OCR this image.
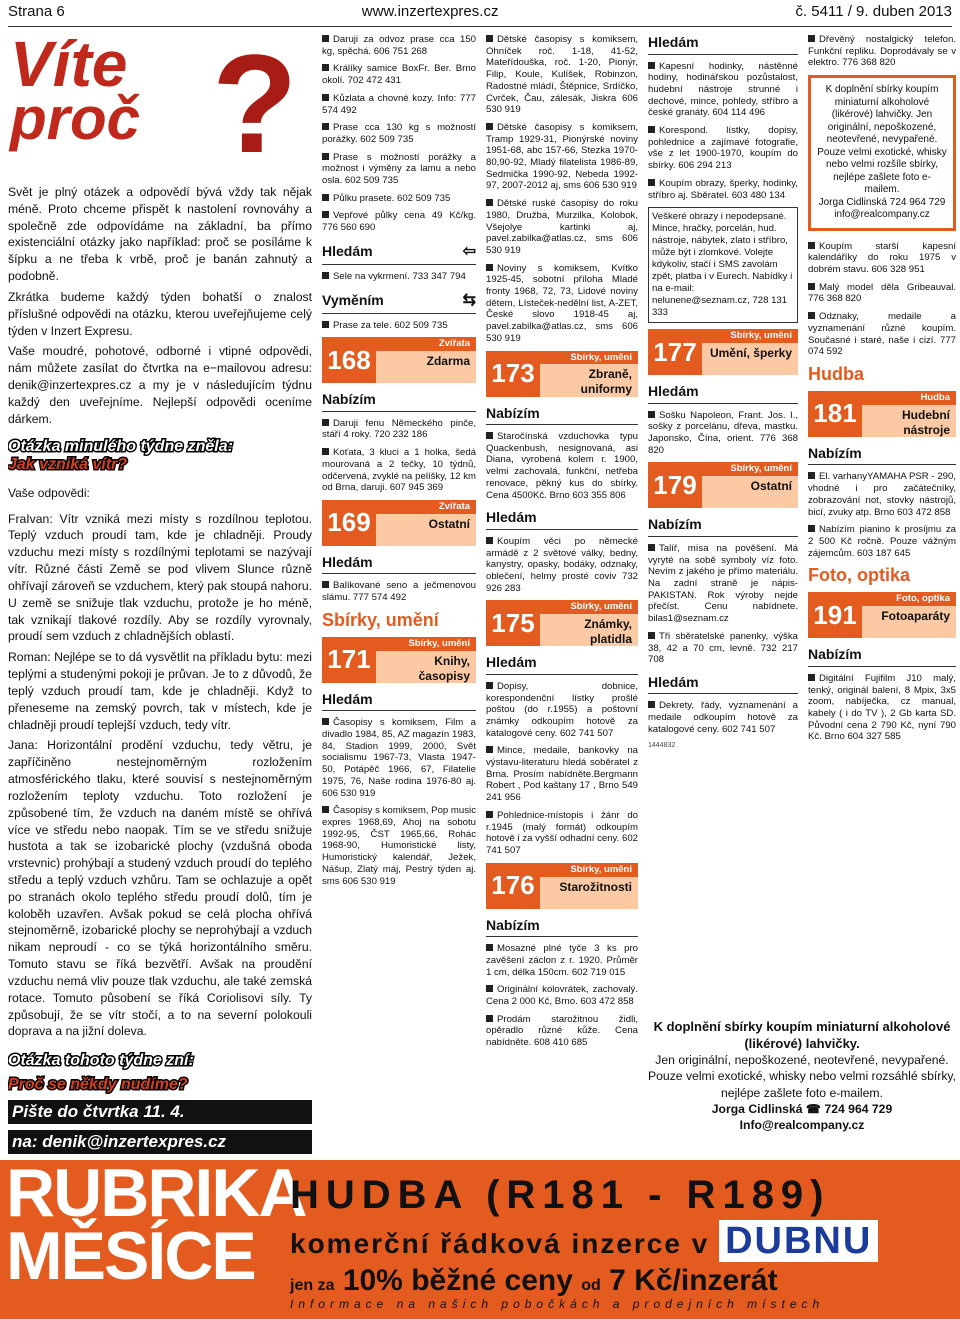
Strana 6	www.inzertexpres.cz	č. 5411 / 9. duben 2013
Víte
proč ?

Svět je plný otázek a odpovědí bývá vždy tak nějak méně. Proto chceme přispět k nastolení rovnováhy a společně zde odpovídáme na základní, ba přímo existenciální otázky jako například: proč se posíláme k šípku a ne třeba k vrbě, proč je banán zahnutý a podobně.

Zkrátka budeme každý týden bohatší o znalost příslušné odpovědi na otázku, kterou uveřejňujeme celý týden v Inzert Expresu.

Vaše moudré, pohotové, odborné i vtipné odpovědi, nám můžete zasílat do čtvrtka na e−mailovou adresu: denik@inzertexpres.cz a my je v následujícím týdnu každý den uveřejníme. Nejlepší odpovědi oceníme dárkem.

Otázka minulého týdne zněla:
Jak vzniká vítr?
Vaše odpovědi:

FraIvan: Vítr vzniká mezi místy s rozdílnou teplotou. Teplý vzduch proudí tam, kde je chladněji. Proudy vzduchu mezi místy s rozdílnými teplotami se nazývají vítr. Různé části Země se pod vlivem Slunce různě ohřívají zároveň se vzduchem, který pak stoupá nahoru. U země se snižuje tlak vzduchu, protože je ho méně, tak vznikají tlakové rozdíly. Aby se rozdíly vyrovnaly, proudí sem vzduch z chladnějších oblastí.

Roman: Nejlépe se to dá vysvětlit na příkladu bytu: mezi teplými a studenými pokoji je průvan. Je to z důvodů, že teplý vzduch proudí tam, kde je chladněji. Když to přeneseme na zemský povrch, tak v místech, kde je chladněji proudí teplejší vzduch, tedy vítr.

Jana: Horizontální prodění vzduchu, tedy větru, je zapříčiněno nestejnoměrným rozložením atmosférického tlaku, které souvisí s nestejnoměrným rozložením teploty vzduchu. Toto rozložení je způsobené tím, že vzduch na daném místě se ohřívá více ve středu nebo naopak. Tím se ve středu snižuje hustota a tak se izobarické plochy (vzdušná oboda vrstevnic) prohýbají a studený vzduch proudí do teplého středu a teplý vzduch vzhůru. Tam se ochlazuje a opět po stranách okolo teplého středu proudí dolů, tím je koloběh uzavřen. Avšak pokud se celá plocha ohřívá stejnoměrně, izobarické plochy se neprohýbají a vzduch nikam neproudí - co se týká horizontálního směru. Tomuto stavu se říká bezvětří. Avšak na proudění vzduchu nemá vliv pouze tlak vzduchu, ale také zemská rotace. Tomuto působení se říká Coriolisovi síly. Ty způsobují, že se vítr stočí, a to na severní polokouli doprava a na jižní doleva.

Otázka tohoto týdne zní:
Proč se někdy nudíme?
Pište do čtvrtka 11. 4.
na: denik@inzertexpres.cz
Daruji za odvoz prase cca 150 kg, spěchá. 606 751 268
Králíky samice BoxFr. Ber. Brno okolí. 702 472 431
Kůzlata a chovné kozy. Info: 777 574 492
Prase cca 130 kg s možností porážky. 602 509 735
Prase s možností porážky a možnost i výměny za lamu a nebo osla. 602 509 735
Půlku prasete. 602 509 735
Vepřové půlky cena 49 Kč/kg. 776 560 690
Hledám	⇦
Sele na vykrmení. 733 347 794
Vyměním	⇆
Prase za tele. 602 509 735
168
Zvířata
Zdarma
Nabízím
Daruji fenu Německého pinče, stáří 4 roky. 720 232 186
Koťata, 3 kluci a 1 holka, šedá mourovaná a 2 tečky, 10 týdnů, odčervená, zvyklé na pelíšky, 12 km od Brna, daruji. 607 945 369
169
Zvířata
Ostatní
Hledám
Balíkované seno a ječmenovou slámu. 777 574 492
Sbírky, umění
171
Sbírky, umění
Knihy, časopisy
Hledám
Časopisy s komiksem, Film a divadlo 1984, 85, AZ magazín 1983, 84, Stadion 1999, 2000, Svět socialismu 1967-73, Vlasta 1947-50, Potápěč 1966, 67, Filatelie 1975, 76, Naše rodina 1976-80 aj. 606 530 919
Časopisy s komiksem, Pop music expres 1968,69, Ahoj na sobotu 1992-95, ČST 1965,66, Rohác 1968-90, Humoristické listy, Humoristický kalendář, Ježek, Nášup, Zlatý máj, Pestrý týden aj. sms 606 530 919
Dětské časopisy s komiksem, Ohníček roč. 1-18, 41-52, Mateřídouška, roč. 1-20, Pionýr, Filip, Koule, Kulíšek, Robinzon, Radostné mládí, Štěpnice, Srdíčko, Cvrček, Čau, zálesák, Jiskra 606 530 919
Dětské časopisy s komiksem, Tramp 1929-31, Pionýrské noviny 1951-68, abc 157-66, Stezka 1970-80,90-92, Mladý filatelista 1986-89, Sedmička 1990-92, Nebeda 1992-97, 2007-2012 aj, sms 606 530 919
Dětské ruské časopisy do roku 1980, Družba, Murzilka, Kolobok, Všejolye kartinki aj, pavel.zabilka@atlas.cz, sms 606 530 919
Noviny s komiksem, Kvítko 1925-45, sobotní příloha Mladé fronty 1968, 72, 73, Lidové noviny dětem, Lísteček-nedělní list, A-ZET, České slovo 1918-45 aj, pavel.zabilka@atlas.cz, sms 606 530 919
173
Sbírky, umění
Zbraně, uniformy
Nabízím
Staročínská vzduchovka typu Quackenbush, nesignovaná, asi Diana, vyrobená kolem r. 1900, velmi zachovalá, funkční, netřeba renovace, pěkný kus do sbírky. Cena 4500Kč. Brno 603 355 806
Hledám
Koupím věci po německé armádě z 2 světové války, bedny, kanystry, opasky, bodáky, odznaky, oblečení, helmy prosté coviv 732 926 283
175
Sbírky, umění
Známky, platidla
Hledám
Dopisy, dobnice, korespondenční lístky prošlé poštou (do r.1955) a poštovní známky odkoupím hotově za katalogové ceny. 602 741 507
Mince, medaile, bankovky na výstavu-literaturu hledá soběratel z Brna. Prosím nabídněte.Bergmann Robert , Pod kaštany 17 , Brno 549 241 956
Pohlednice-místopis i žánr do r.1945 (malý formát) odkoupím hotově i za vyšší odhadní ceny. 602 741 507
176
Sbírky, umění
Starožitnosti
Nabízím
Mosazné plné tyče 3 ks pro zavěšení záclon z r. 1920. Průměr 1 cm, délka 150cm. 602 719 015
Originální kolovrátek, zachovalý. Cena 2 000 Kč, Brno. 603 472 858
Prodám starožitnou židli, opěradlo různé kůže. Cena nabídněte. 608 410 685
Hledám
Kapesní hodinky, nástěnné hodiny, hodinářskou pozůstalost, hudební nástroje strunné i dechové, mince, pohledy, stříbro a české granáty. 604 114 496
Korespond. lístky, dopisy, pohlednice a zajímavé fotografie, vše z let 1900-1970, koupím do sbírky. 606 294 213
Koupím obrazy, šperky, hodinky, stříbro aj. Sběratel. 603 480 134
Veškeré obrazy i nepodepsané. Mince, hračky, porcelán, hud. nástroje, nábytek, zlato i stříbro, může být i zlomkové. Volejte kdykoliv, stačí i SMS zavolám zpět, platba i v Eurech. Nabídky i na e-mail: nelunene@seznam.cz, 728 131 333
177
Sbírky, umění
Umění, šperky
Hledám
Sošku Napoleon, Frant. Jos. I., sošky z porcelánu, dřeva, mastku. Japonsko, Čína, orient. 776 368 820
179
Sbírky, umění
Ostatní
Nabízím
Talíř, mísa na pověšení. Má vyryté na sobě symboly víz foto. Nevím z jakého je přímo materiálu. Na zadní straně je nápis-PAKISTAN. Rok výroby nejde přečíst. Cenu nabídnete. bilas1@seznam.cz
Tři sběratelské panenky, výška 38, 42 a 70 cm, levně. 732 217 708
Hledám
Dekrety, řády, vyznamenání a medaile odkoupím hotově za katalogové ceny. 602 741 507
1444832
Dřevěný nostalgický telefon. Funkční repliku. Doprodávaly se v elektro. 776 368 820
K doplnění sbírky koupím miniaturní alkoholové (likérové) lahvičky. Jen originální, nepoškozené, neotevřené, nevypařené.
Pouze velmi exotické, whisky nebo velmi rozšíle sbírky, nejlépe zašlete foto e-mailem.
Jorga Cidlinská 724 964 729 info@realcompany.cz
Koupím starší kapesní kalendáříky do roku 1975 v dobrém stavu. 606 328 951
Malý model děla Gribeauval. 776 368 820
Odznaky, medaile a vyznamenání různé koupím. Současné i staré, naše i cizí. 777 074 592
Hudba
181
Hudba
Hudební nástroje
Nabízím
El. varhanyYAMAHA PSR - 290, vhodné i pro začátečníky, zobrazování not, stovky nástrojů, bicí, zvuky atp. Brno 603 472 858
Nabízím pianino k prosíjmu za 2 500 Kč ročně. Pouze vážným zájemcům. 603 187 645
Foto, optika
191
Foto, optika
Fotoaparáty
Nabízím
Digitální Fujifilm J10 malý, tenký, originál balení, 8 Mpix, 3x5 zoom, nabíječka, cz manual, kabely ( i do TV ), 2 Gb karta SD. Původní cena 2 790 Kč, nyní 790 Kč. Brno 604 327 585
K doplnění sbírky koupím miniaturní alkoholové (likérové) lahvičky.
Jen originální, nepoškozené, neotevřené, nevypařené.
Pouze velmi exotické, whisky nebo velmi rozsáhlé sbírky, nejlépe zašlete foto e-mailem.
Jorga Cidlinská ☎ 724 964 729
Info@realcompany.cz
RUBRIKA
MĚSÍCE
HUDBA (R181 - R189)
komerční řádková inzerce v DUBNU
jen za 10% běžné ceny od 7 Kč/inzerát
Informace na našich pobočkách a prodejních místech
